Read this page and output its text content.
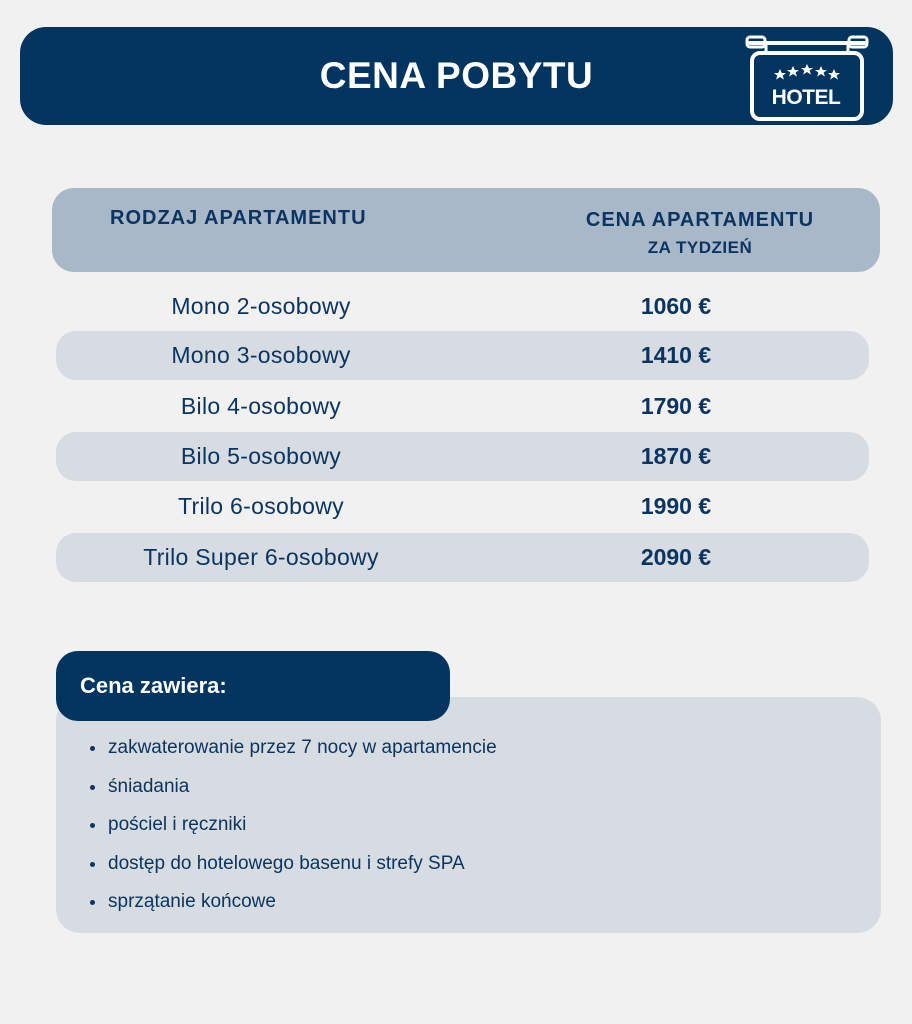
CENA POBYTU
HOTEL
RODZAJ APARTAMENTU	CENA APARTAMENTU
ZA TYDZIEŃ
Mono 2-osobowy	1060 €
Mono 3-osobowy	1410 €
Bilo 4-osobowy	1790 €
Bilo 5-osobowy	1870 €
Trilo 6-osobowy	1990 €
Trilo Super 6-osobowy	2090 €
Cena zawiera:
zakwaterowanie przez 7 nocy w apartamencie
śniadania
pościel i ręczniki
dostęp do hotelowego basenu i strefy SPA
sprzątanie końcowe
